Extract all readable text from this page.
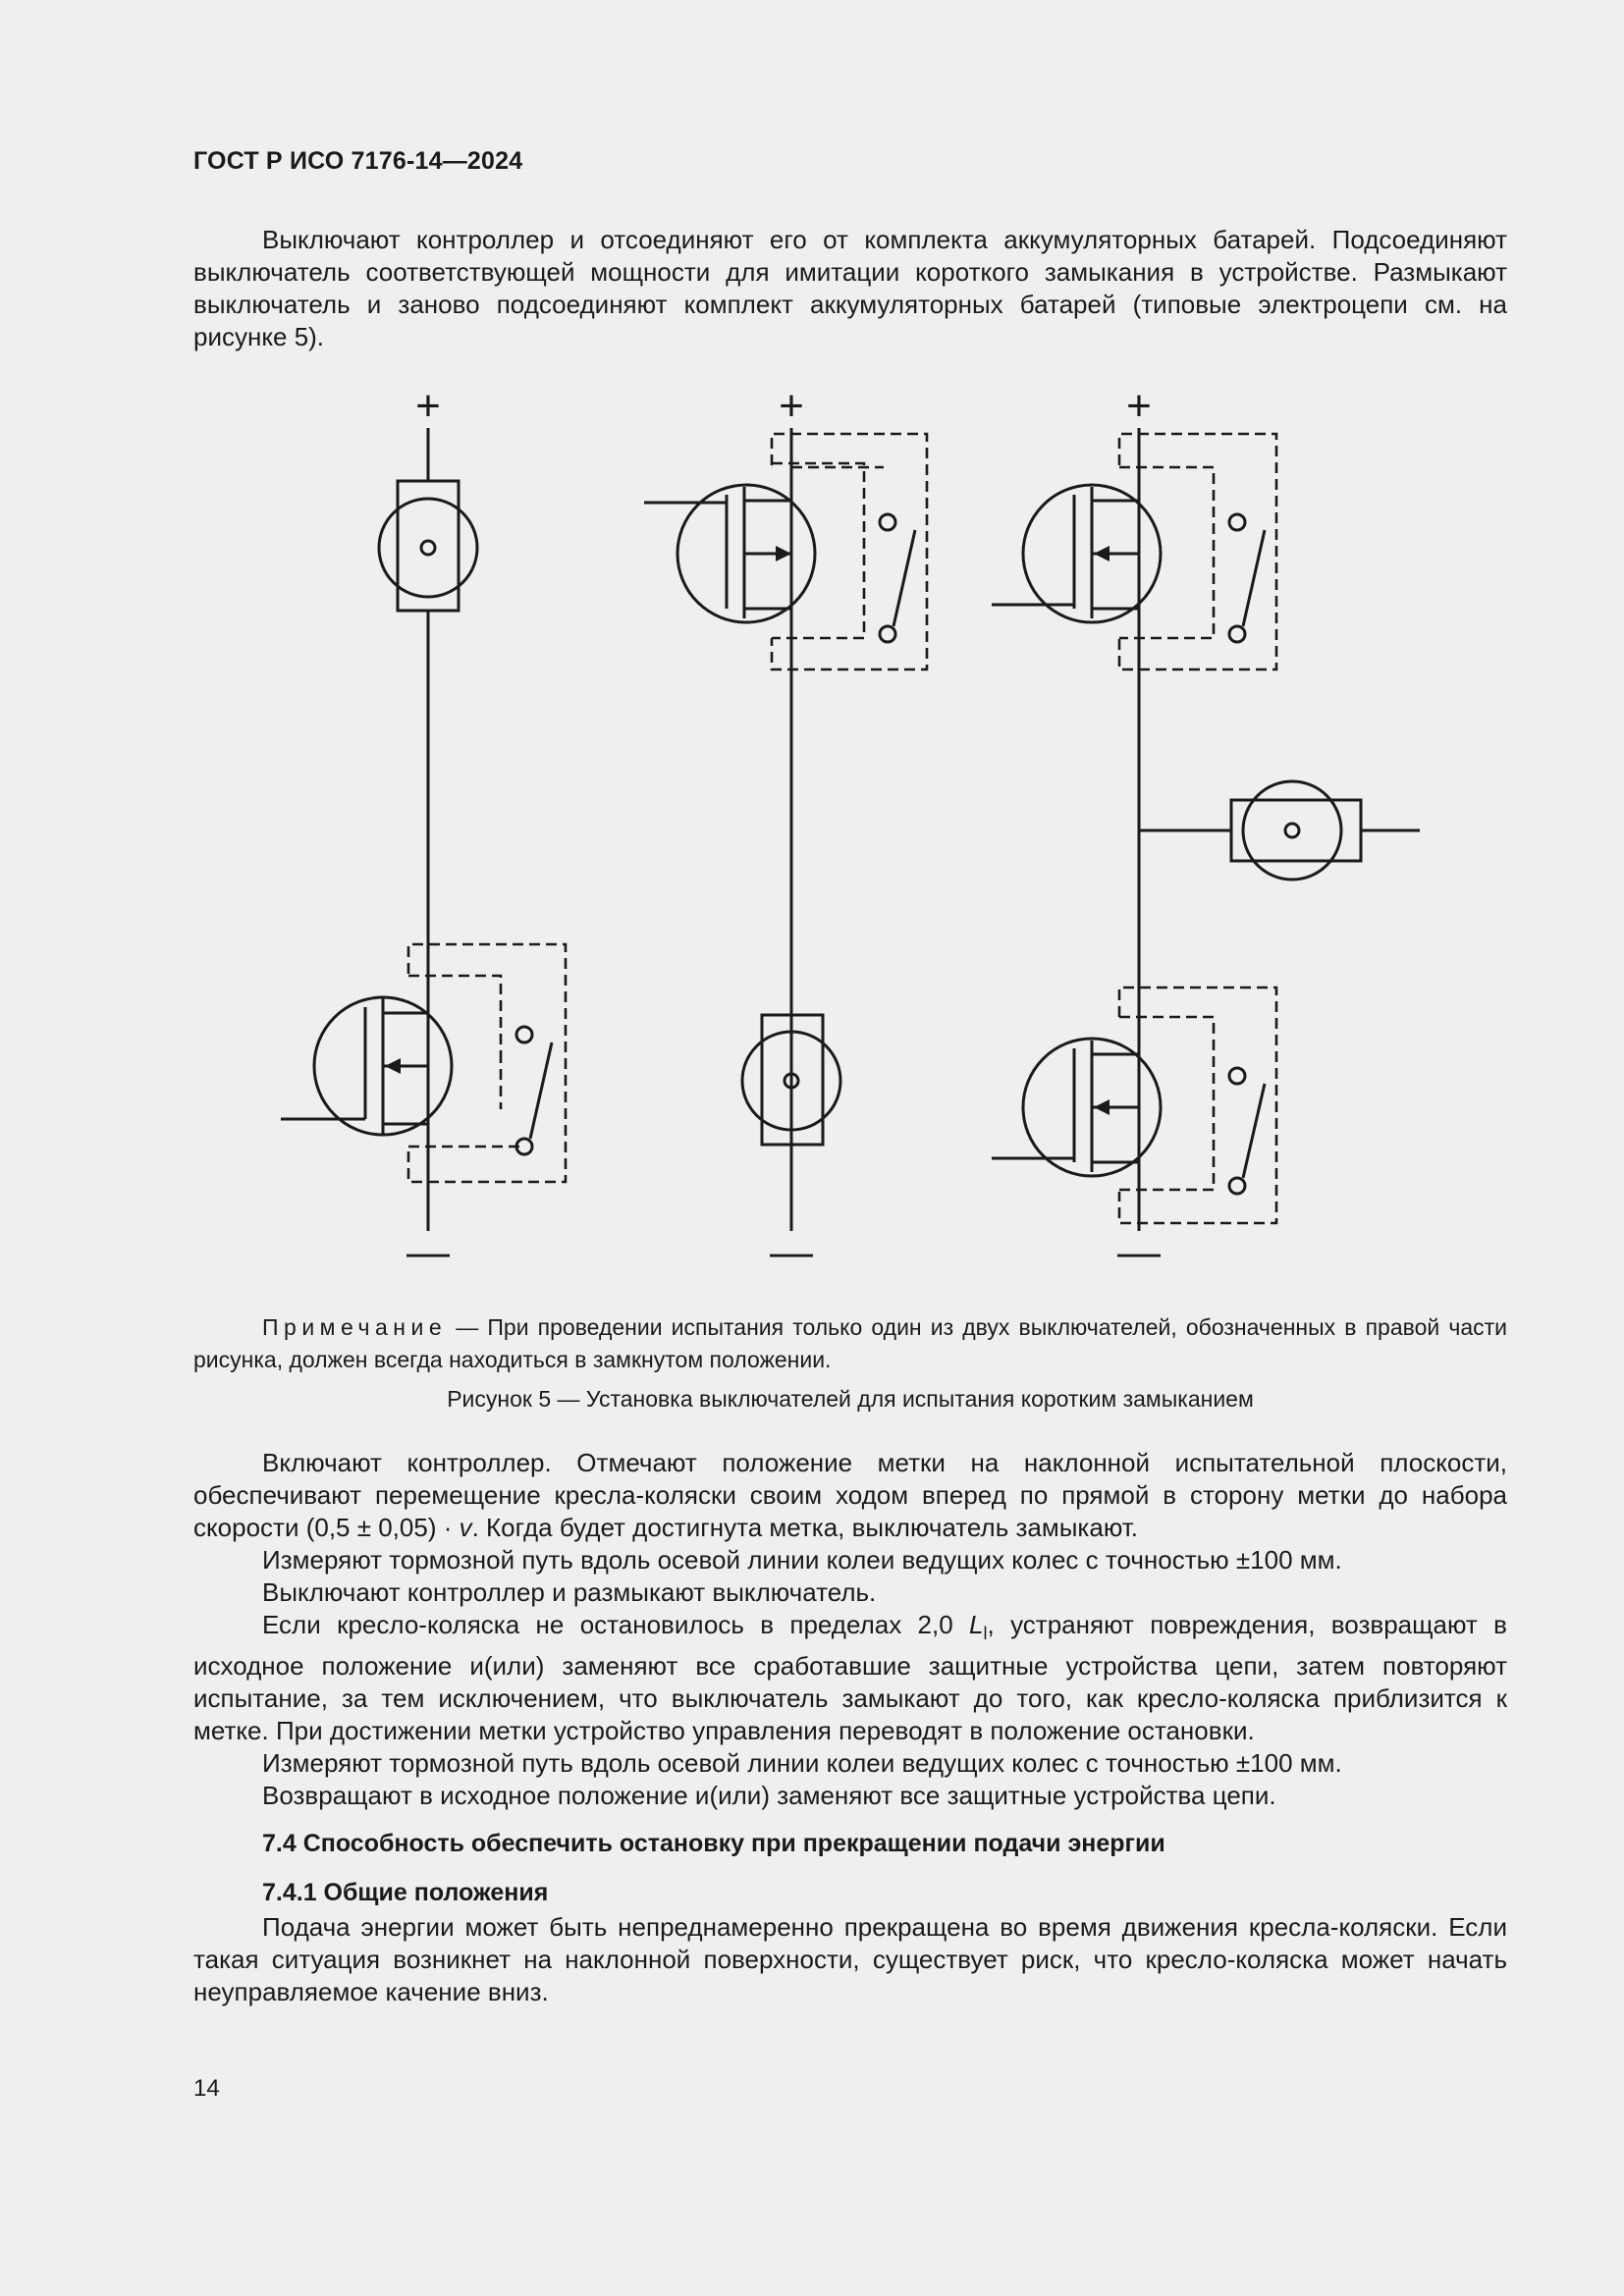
ГОСТ Р ИСО 7176-14—2024

Выключают контроллер и отсоединяют его от комплекта аккумуляторных батарей. Подсоединяют выключатель соответствующей мощности для имитации короткого замыкания в устройстве. Размыкают выключатель и заново подсоединяют комплект аккумуляторных батарей (типовые электроцепи см. на рисунке 5).

+
—
+
—
+
—
Примечание — При проведении испытания только один из двух выключателей, обозначенных в правой части рисунка, должен всегда находиться в замкнутом положении.
Рисунок 5 — Установка выключателей для испытания коротким замыканием

Включают контроллер. Отмечают положение метки на наклонной испытательной плоскости, обеспечивают перемещение кресла-коляски своим ходом вперед по прямой в сторону метки до набора скорости (0,5 ± 0,05) · v. Когда будет достигнута метка, выключатель замыкают.

Измеряют тормозной путь вдоль осевой линии колеи ведущих колес с точностью ±100 мм.

Выключают контроллер и размыкают выключатель.

Если кресло-коляска не остановилось в пределах 2,0 $L_l$, устраняют повреждения, возвращают в исходное положение и(или) заменяют все сработавшие защитные устройства цепи, затем повторяют испытание, за тем исключением, что выключатель замыкают до того, как кресло-коляска приблизится к метке. При достижении метки устройство управления переводят в положение остановки.

Измеряют тормозной путь вдоль осевой линии колеи ведущих колес с точностью ±100 мм.

Возвращают в исходное положение и(или) заменяют все защитные устройства цепи.

7.4 Способность обеспечить остановку при прекращении подачи энергии
7.4.1 Общие положения

Подача энергии может быть непреднамеренно прекращена во время движения кресла-коляски. Если такая ситуация возникнет на наклонной поверхности, существует риск, что кресло-коляска может начать неуправляемое качение вниз.

14
